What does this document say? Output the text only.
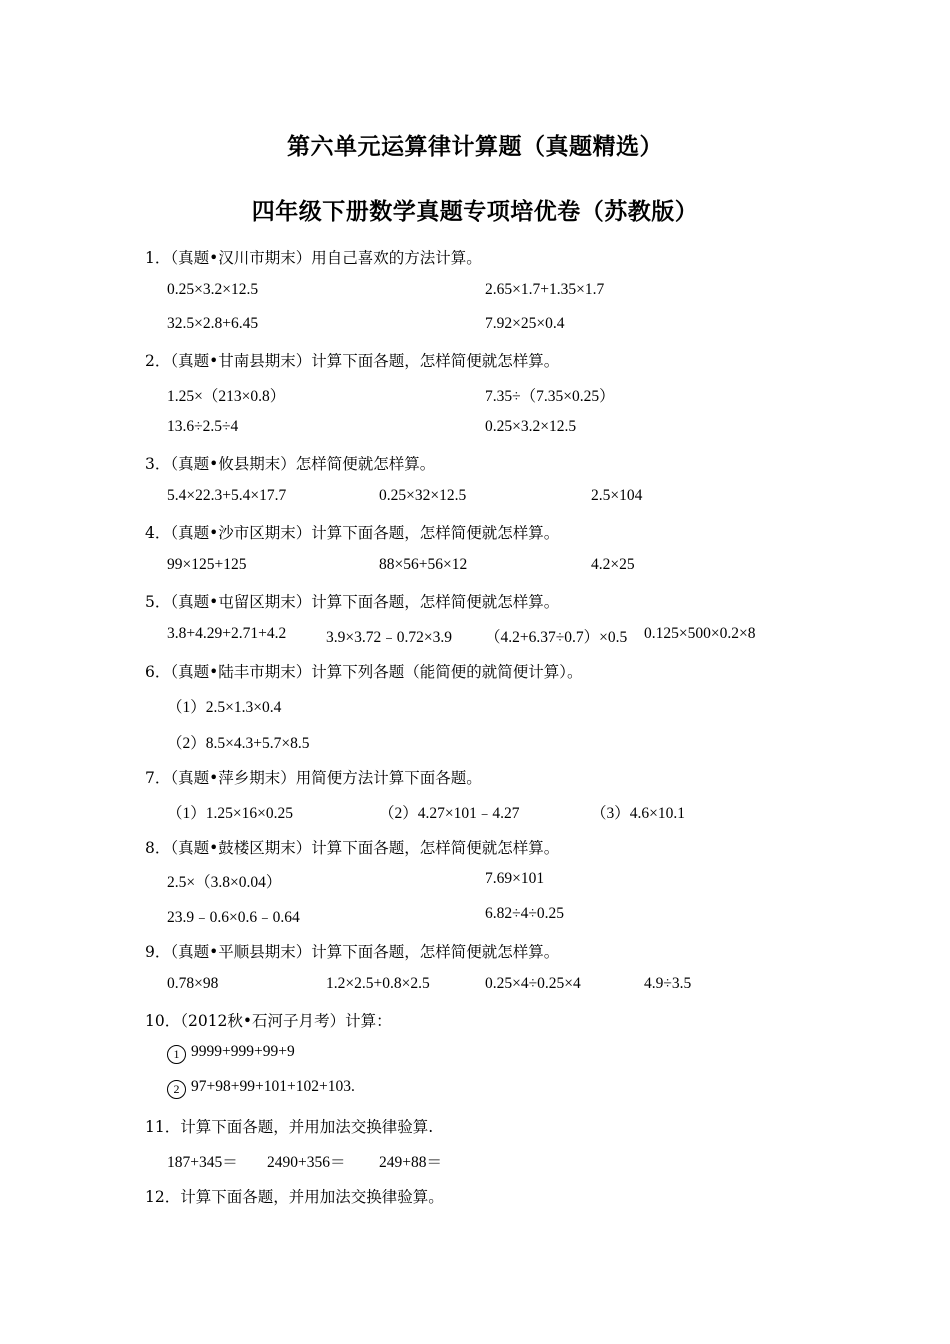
第六单元运算律计算题（真题精选）
四年级下册数学真题专项培优卷（苏教版）
1．（真题•汉川市期末）用自己喜欢的方法计算。
0.25×3.2×12.5	2.65×1.7+1.35×1.7
32.5×2.8+6.45	7.92×25×0.4
2．（真题•甘南县期末）计算下面各题，怎样简便就怎样算。
1.25×（213×0.8）	7.35÷（7.35×0.25）
13.6÷2.5÷4	0.25×3.2×12.5
3．（真题•攸县期末）怎样简便就怎样算。
5.4×22.3+5.4×17.7	0.25×32×12.5	2.5×104
4．（真题•沙市区期末）计算下面各题，怎样简便就怎样算。
99×125+125	88×56+56×12	4.2×25
5．（真题•屯留区期末）计算下面各题，怎样简便就怎样算。
3.8+4.29+2.71+4.2	3.9×3.72﹣0.72×3.9 （4.2+6.37÷0.7）×0.5 0.125×500×0.2×8
6．（真题•陆丰市期末）计算下列各题（能简便的就简便计算）。
（1）2.5×1.3×0.4
（2）8.5×4.3+5.7×8.5
7．（真题•萍乡期末）用简便方法计算下面各题。
（1）1.25×16×0.25	（2）4.27×101﹣4.27	（3）4.6×10.1
8．（真题•鼓楼区期末）计算下面各题，怎样简便就怎样算。
2.5×（3.8×0.04）	7.69×101
23.9﹣0.6×0.6﹣0.64	6.82÷4÷0.25
9．（真题•平顺县期末）计算下面各题，怎样简便就怎样算。
0.78×98	1.2×2.5+0.8×2.5	0.25×4÷0.25×4	4.9÷3.5
10．（2012秋•石河子月考）计算：
1 9999+999+99+9
2 97+98+99+101+102+103.
11．计算下面各题，并用加法交换律验算.
187+345＝ 2490+356＝ 249+88＝
12．计算下面各题，并用加法交换律验算。
